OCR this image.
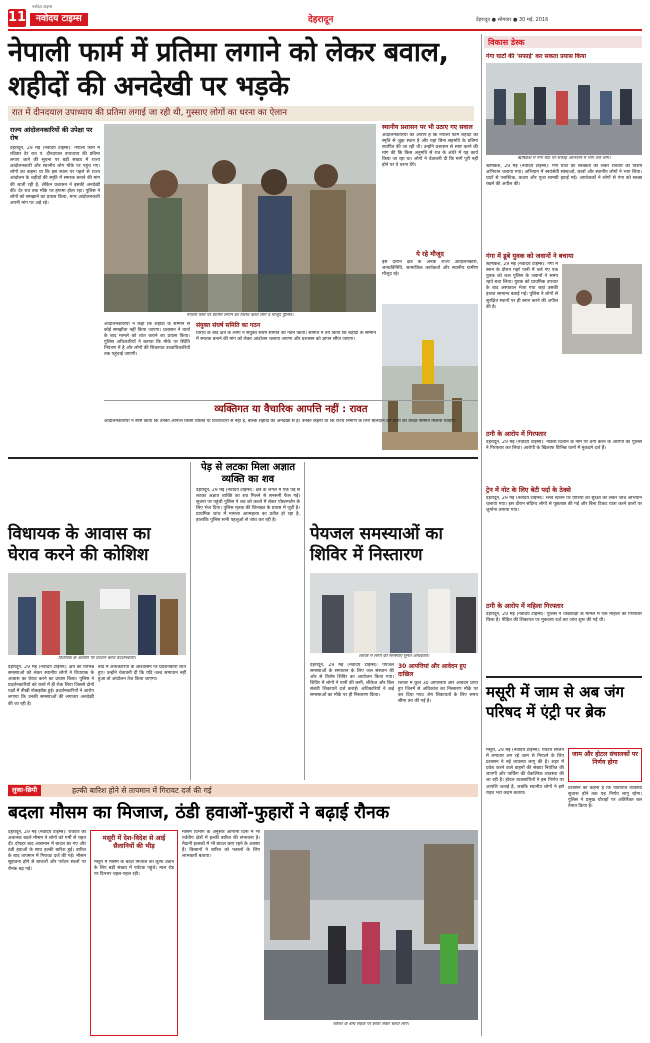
11
नवोदय टाइम्स
नवोदय टाइम्स	देहरादून	देहरादून ● सोमवार ● 30 मई, 2016
नेपाली फार्म में प्रतिमा लगाने को लेकर बवाल, शहीदों की अनदेखी पर भड़के
रात में दीनदयाल उपाध्याय की प्रतिमा लगाई जा रही थी, गुस्साए लोगों का धरना का ऐलान
राज्य आंदोलनकारियों की उपेक्षा पर रोष
देहरादून, 29 मई (नवोदय टाइम्स): नेपाली फार्म में रविवार देर रात पं. दीनदयाल उपाध्याय की प्रतिमा लगाए जाने की सूचना पर बड़ी संख्या में राज्य आंदोलनकारी और स्थानीय लोग मौके पर पहुंच गए। लोगों का कहना था कि इस स्थान पर पहले से राज्य आंदोलन के शहीदों की स्मृति में स्मारक बनाने की मांग की जाती रही है, लेकिन प्रशासन ने इसकी अनदेखी की। देर रात तक मौके पर हंगामा होता रहा। पुलिस ने लोगों को समझाने का प्रयास किया, मगर आंदोलनकारी अपनी मांग पर अड़े रहे।
नेपाली फार्म पर प्रतिमा लगाने का विरोध करते लोग व मौजूद पुलिस।
आंदोलनकारियों ने कहा कि शहीदों के सम्मान से कोई समझौता नहीं किया जाएगा। प्रशासन ने वार्ता के बाद मामले को शांत कराने का प्रयास किया। पुलिस अधिकारियों ने बताया कि मौके पर स्थिति नियंत्रण में है और लोगों की शिकायत उच्चाधिकारियों तक पहुंचाई जाएगी।
संयुक्त संघर्ष समिति का गठन
विरोध के बाद क्षेत्र के लोगों ने संयुक्त संघर्ष समिति का गठन किया। समिति ने तय किया कि शहीदों के सम्मान में स्मारक बनाने की मांग को लेकर आंदोलन चलाया जाएगा और प्रशासन को ज्ञापन सौंपा जाएगा।
स्थानीय प्रशासन पर भी उठाए गए सवाल
आंदोलनकारियों का आरोप है कि नेपाली फार्म शहीदों की स्मृति से जुड़ा स्थान है और यहां बिना सहमति के प्रतिमा स्थापित की जा रही थी। उन्होंने प्रशासन से स्पष्ट करने की मांग की कि किस अनुमति से रात के अंधेरे में यह कार्य किया जा रहा था। लोगों ने चेतावनी दी कि मांगें पूरी नहीं होने पर वे धरना देंगे।
ये रहे मौजूद
इस दौरान क्षेत्र के अनेक राज्य आंदोलनकारी, जनप्रतिनिधि, सामाजिक कार्यकर्ता और स्थानीय ग्रामीण मौजूद रहे।
व्यक्तिगत या वैचारिक आपत्ति नहीं : रावत
आंदोलनकारियों ने स्पष्ट किया कि उनकी आपत्ति किसी व्यक्ति या विचारधारा से नहीं है, बल्कि शहीदों की अनदेखी से है। उनका कहना था कि राज्य निर्माण के लिए बलिदान देने वालों को उचित सम्मान मिलना चाहिए।
विधायक के आवास का घेराव करने की कोशिश
विधायक के आवास पर प्रदर्शन करते प्रदर्शनकारी।
देहरादून, 29 मई (नवोदय टाइम्स): क्षेत्र की विभिन्न समस्याओं को लेकर स्थानीय लोगों ने विधायक के आवास का घेराव करने का प्रयास किया। पुलिस ने प्रदर्शनकारियों को रास्ते में ही रोक लिया जिससे दोनों पक्षों में तीखी नोकझोंक हुई। प्रदर्शनकारियों ने आरोप लगाया कि उनकी समस्याओं की लगातार अनदेखी की जा रही है।
बाद में अधिकारियों के आश्वासन पर प्रदर्शनकारी शांत हुए। उन्होंने चेतावनी दी कि यदि जल्द समाधान नहीं हुआ तो आंदोलन तेज किया जाएगा।
पेड़ से लटका मिला अज्ञात व्यक्ति का शव
देहरादून, 29 मई (नवोदय टाइम्स): क्षेत्र के जंगल में एक पेड़ से लटका अज्ञात व्यक्ति का शव मिलने से सनसनी फैल गई। सूचना पर पहुंची पुलिस ने शव को कब्जे में लेकर पोस्टमार्टम के लिए भेज दिया। पुलिस मृतक की शिनाख्त के प्रयास में जुटी है। प्राथमिक जांच में मामला आत्महत्या का प्रतीत हो रहा है, हालांकि पुलिस सभी पहलुओं से जांच कर रही है।
पेयजल समस्याओं का शिविर में निस्तारण
शिविर में लोगों की समस्याएं सुनते अधिकारी।
देहरादून, 29 मई (नवोदय टाइम्स): पेयजल समस्याओं के समाधान के लिए जल संस्थान की ओर से विशेष शिविर का आयोजन किया गया। शिविर में लोगों ने पानी की कमी, लीकेज और बिल संबंधी शिकायतें दर्ज कराईं। अधिकारियों ने कई समस्याओं का मौके पर ही निस्तारण किया।
30 आपत्तियां और आवेदन हुए दाखिल
शिविर में कुल 30 आपत्तियां और आवेदन प्राप्त हुए जिनमें से अधिकांश का निस्तारण मौके पर कर दिया गया। शेष शिकायतों के लिए समय सीमा तय की गई है।
लुका-छिपी	हल्की बारिश होने से तापमान में गिरावट दर्ज की गई
बदला मौसम का मिजाज, ठंडी हवाओं-फुहारों ने बढ़ाई रौनक
देहरादून, 29 मई (नवोदय टाइम्स): रविवार को अचानक बदले मौसम ने लोगों को गर्मी से राहत दी। दोपहर बाद आसमान में बादल छा गए और ठंडी हवाओं के साथ हल्की बारिश हुई। बारिश के बाद तापमान में गिरावट दर्ज की गई। मौसम सुहावना होने से बाजारों और पर्यटन स्थलों पर रौनक बढ़ गई।
मसूरी में देश-विदेश से आई सैलानियों की भीड़
मसूरी में मौसम के बदले मिजाज का लुत्फ उठाने के लिए बड़ी संख्या में पर्यटक पहुंचे। माल रोड पर दिनभर चहल-पहल रही।
मौसम विभाग के अनुसार आगामी दिनों में भी पर्वतीय क्षेत्रों में हल्की बारिश की संभावना है। मैदानी इलाकों में भी बादल छाए रहने के आसार हैं। किसानों ने बारिश को फसलों के लिए लाभकारी बताया।
बारिश के बीच सड़क पर छाता लेकर चलते लोग।
विकास डेस्क
गंगा घाटों की 'सफाई' कर सकता प्रयास किया
ऋषिकेश में गंगा घाट पर सफाई अभियान में भाग लेते लोग।
ऋषिकेश, 29 मई (नवोदय टाइम्स): गंगा घाटों की स्वच्छता को लेकर रविवार को विशेष अभियान चलाया गया। अभियान में स्वयंसेवी संस्थाओं, छात्रों और स्थानीय लोगों ने भाग लिया। घाटों से प्लास्टिक, कचरा और पूजा सामग्री हटाई गई। आयोजकों ने लोगों से गंगा को स्वच्छ रखने की अपील की।
गंगा में डूबे युवक को जवानों ने बचाया
ऋषिकेश, 29 मई (नवोदय टाइम्स): गंगा में स्नान के दौरान गहरे पानी में चले गए एक युवक को जल पुलिस के जवानों ने समय रहते बचा लिया। युवक को प्राथमिक उपचार के बाद अस्पताल भेजा गया जहां उसकी हालत सामान्य बताई गई। पुलिस ने लोगों से सुरक्षित स्थानों पर ही स्नान करने की अपील की है।
ठगी के आरोप में गिरफ्तार
देहरादून, 29 मई (नवोदय टाइम्स): नौकरी दिलाने के नाम पर ठगी करने के आरोपी को पुलिस ने गिरफ्तार कर लिया। आरोपी के खिलाफ विभिन्न थानों में मुकदमे दर्ज हैं।
ट्रेन में नोट के लिए बेटी पर्दा के ठेक्से
देहरादून, 29 मई (नवोदय टाइम्स): रेलवे स्टेशन पर यात्रियों की सुरक्षा को लेकर जांच अभियान चलाया गया। इस दौरान संदिग्ध लोगों से पूछताछ की गई और बिना टिकट यात्रा करने वालों पर जुर्माना लगाया गया।
ठगी के आरोप में महिला गिरफ्तार
देहरादून, 29 मई (नवोदय टाइम्स): पुलिस ने धोखाधड़ी के मामले में एक महिला को गिरफ्तार किया है। पीड़ित की शिकायत पर मुकदमा दर्ज कर जांच शुरू की गई थी।
मसूरी में जाम से अब जंग परिषद में एंट्री पर ब्रेक
मसूरी, 29 मई (नवोदय टाइम्स): पर्यटन सीजन में लगातार लग रहे जाम से निपटने के लिए प्रशासन ने नई व्यवस्था लागू की है। शहर में प्रवेश करने वाले वाहनों की संख्या नियंत्रित की जाएगी और पार्किंग की वैकल्पिक व्यवस्था की जा रही है। होटल व्यवसायियों ने इस निर्णय पर आपत्ति जताई है, जबकि स्थानीय लोगों ने इसे राहत भरा कदम बताया।
जाम और होटल संचालकों पर निर्णय होगा
प्रशासन का कहना है कि यातायात व्यवस्था सुचारू होने तक यह निर्णय लागू रहेगा। पुलिस ने प्रमुख चौराहों पर अतिरिक्त बल तैनात किया है।
